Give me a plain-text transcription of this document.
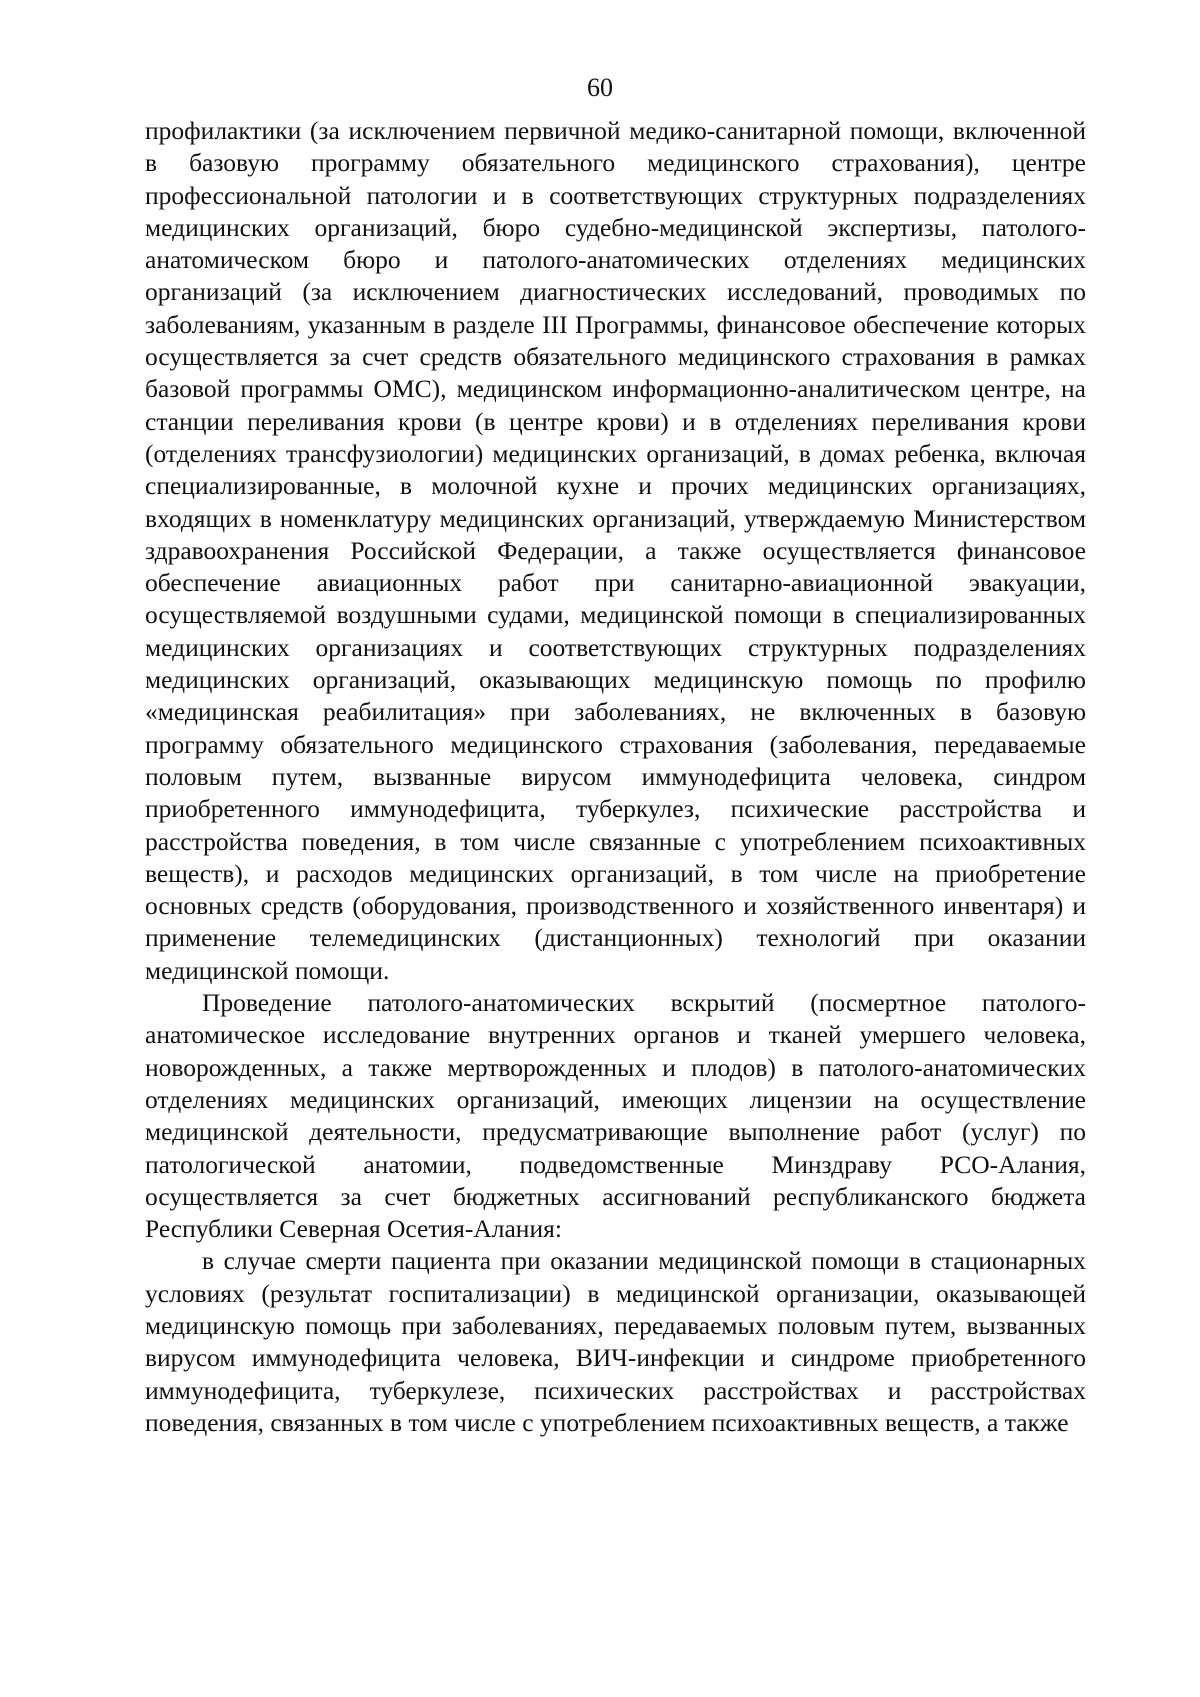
60

профилактики (за исключением первичной медико-санитарной помощи, включенной в базовую программу обязательного медицинского страхования), центре профессиональной патологии и в соответствующих структурных подразделениях медицинских организаций, бюро судебно-медицинской экспертизы, патолого-анатомическом бюро и патолого-анатомических отделениях медицинских организаций (за исключением диагностических исследований, проводимых по заболеваниям, указанным в разделе III Программы, финансовое обеспечение которых осуществляется за счет средств обязательного медицинского страхования в рамках базовой программы ОМС), медицинском информационно-аналитическом центре, на станции переливания крови (в центре крови) и в отделениях переливания крови (отделениях трансфузиологии) медицинских организаций, в домах ребенка, включая специализированные, в молочной кухне и прочих медицинских организациях, входящих в номенклатуру медицинских организаций, утверждаемую Министерством здравоохранения Российской Федерации, а также осуществляется финансовое обеспечение авиационных работ при санитарно-авиационной эвакуации, осуществляемой воздушными судами, медицинской помощи в специализированных медицинских организациях и соответствующих структурных подразделениях медицинских организаций, оказывающих медицинскую помощь по профилю «медицинская реабилитация» при заболеваниях, не включенных в базовую программу обязательного медицинского страхования (заболевания, передаваемые половым путем, вызванные вирусом иммунодефицита человека, синдром приобретенного иммунодефицита, туберкулез, психические расстройства и расстройства поведения, в том числе связанные с употреблением психоактивных веществ), и расходов медицинских организаций, в том числе на приобретение основных средств (оборудования, производственного и хозяйственного инвентаря) и применение телемедицинских (дистанционных) технологий при оказании медицинской помощи.

Проведение патолого-анатомических вскрытий (посмертное патолого-анатомическое исследование внутренних органов и тканей умершего человека, новорожденных, а также мертворожденных и плодов) в патолого-анатомических отделениях медицинских организаций, имеющих лицензии на осуществление медицинской деятельности, предусматривающие выполнение работ (услуг) по патологической анатомии, подведомственные Минздраву РСО-Алания, осуществляется за счет бюджетных ассигнований республиканского бюджета Республики Северная Осетия-Алания:

в случае смерти пациента при оказании медицинской помощи в стационарных условиях (результат госпитализации) в медицинской организации, оказывающей медицинскую помощь при заболеваниях, передаваемых половым путем, вызванных вирусом иммунодефицита человека, ВИЧ-инфекции и синдроме приобретенного иммунодефицита, туберкулезе, психических расстройствах и расстройствах поведения, связанных в том числе с употреблением психоактивных веществ, а также
